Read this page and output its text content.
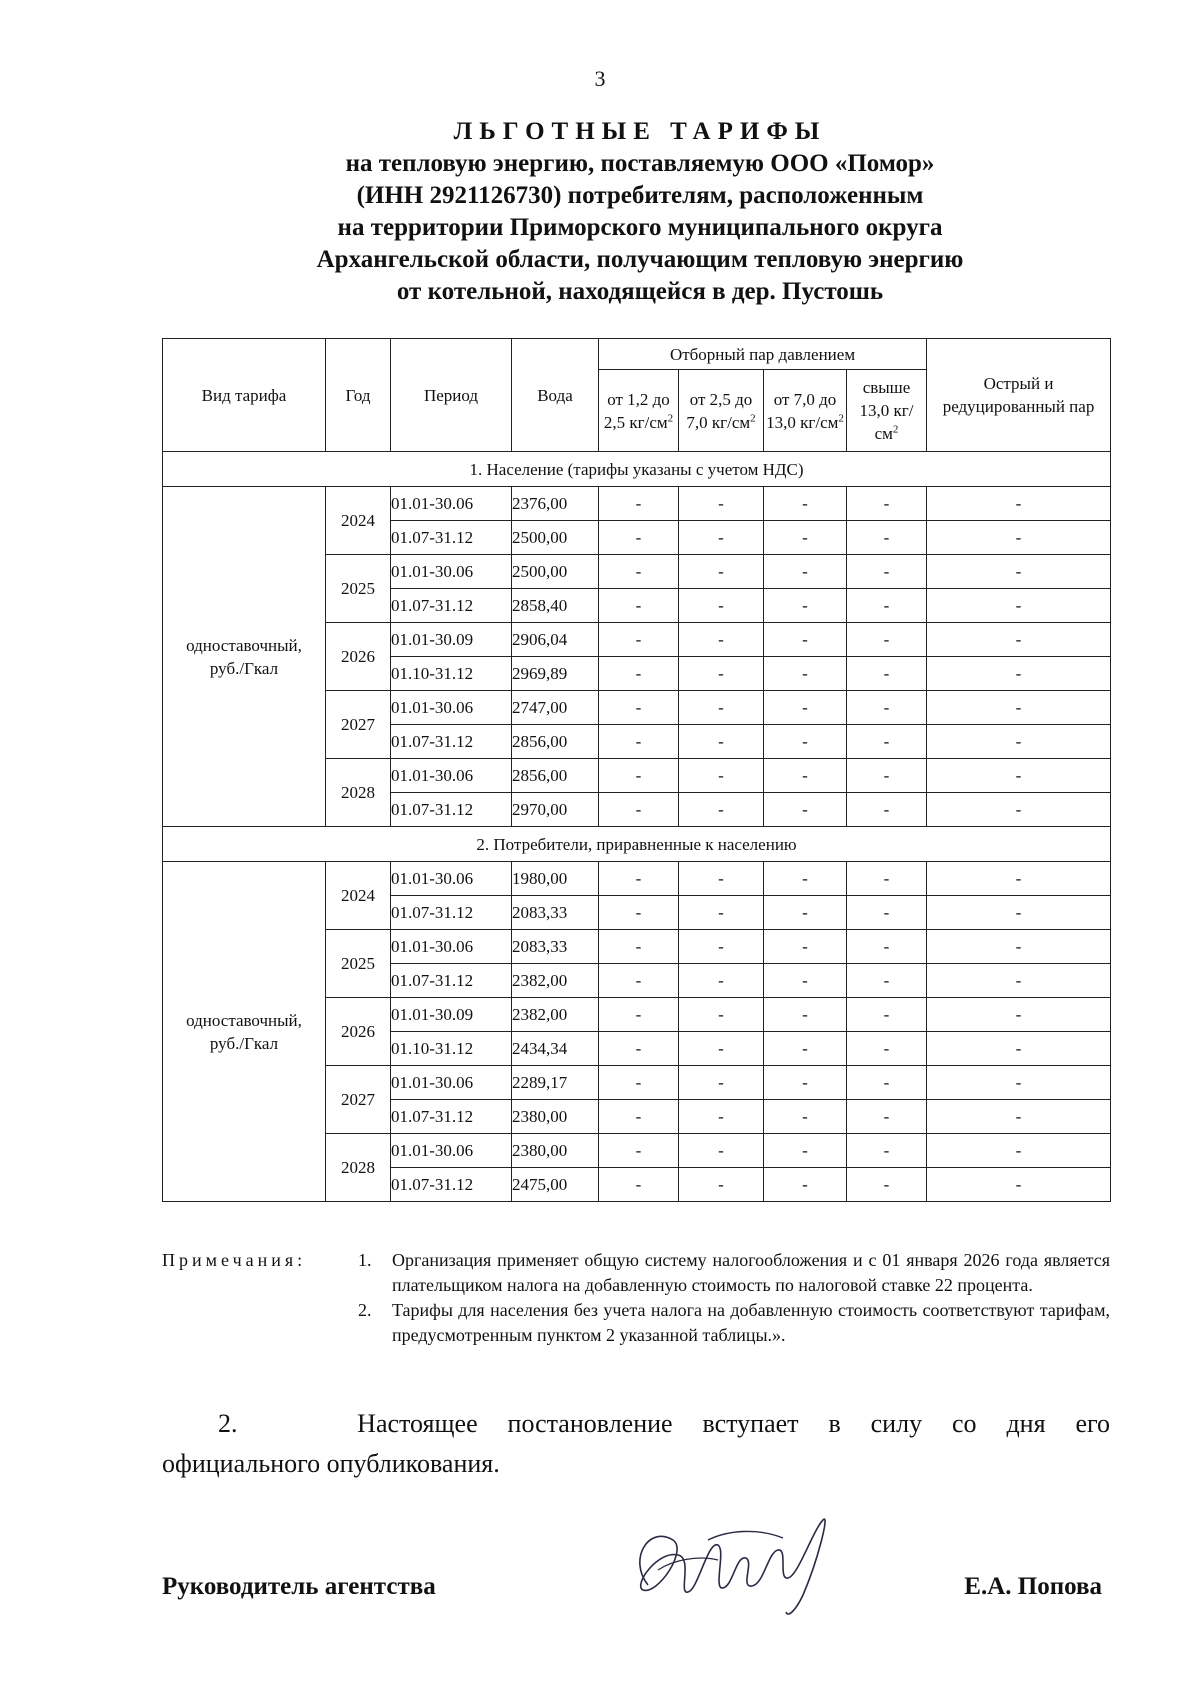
3
ЛЬГОТНЫЕ ТАРИФЫ
на тепловую энергию, поставляемую ООО «Помор»
(ИНН 2921126730) потребителям, расположенным
на территории Приморского муниципального округа
Архангельской области, получающим тепловую энергию
от котельной, находящейся в дер. Пустошь
Вид тарифа	Год	Период	Вода	Отборный пар давлением				Острый и редуцированный пар
				от 1,2 до 2,5 $кг/см^2$	от 2,5 до 7,0 $кг/см^2$	от 7,0 до 13,0 $кг/см^2$	свыше 13,0 $кг/см^2$
1. Население (тарифы указаны с учетом НДС)								
одноставочный, руб./Гкал	2024	01.01-30.06	2376,00	-	-	-	-	-
		01.07-31.12	2500,00	-	-	-	-	-
	2025	01.01-30.06	2500,00	-	-	-	-	-
		01.07-31.12	2858,40	-	-	-	-	-
	2026	01.01-30.09	2906,04	-	-	-	-	-
		01.10-31.12	2969,89	-	-	-	-	-
	2027	01.01-30.06	2747,00	-	-	-	-	-
		01.07-31.12	2856,00	-	-	-	-	-
	2028	01.01-30.06	2856,00	-	-	-	-	-
		01.07-31.12	2970,00	-	-	-	-	-
2. Потребители, приравненные к населению								
одноставочный, руб./Гкал	2024	01.01-30.06	1980,00	-	-	-	-	-
		01.07-31.12	2083,33	-	-	-	-	-
	2025	01.01-30.06	2083,33	-	-	-	-	-
		01.07-31.12	2382,00	-	-	-	-	-
	2026	01.01-30.09	2382,00	-	-	-	-	-
		01.10-31.12	2434,34	-	-	-	-	-
	2027	01.01-30.06	2289,17	-	-	-	-	-
		01.07-31.12	2380,00	-	-	-	-	-
	2028	01.01-30.06	2380,00	-	-	-	-	-
		01.07-31.12	2475,00	-	-	-	-	-
Примечания:	1.	Организация применяет общую систему налогообложения и с 01 января 2026 года является плательщиком налога на добавленную стоимость по налоговой ставке 22 процента.
2.	Тарифы для населения без учета налога на добавленную стоимость соответствуют тарифам, предусмотренным пунктом 2 указанной таблицы.».
2.	Настоящее постановление вступает в силу со дня его
официального опубликования.
Руководитель агентства	Е.А. Попова
